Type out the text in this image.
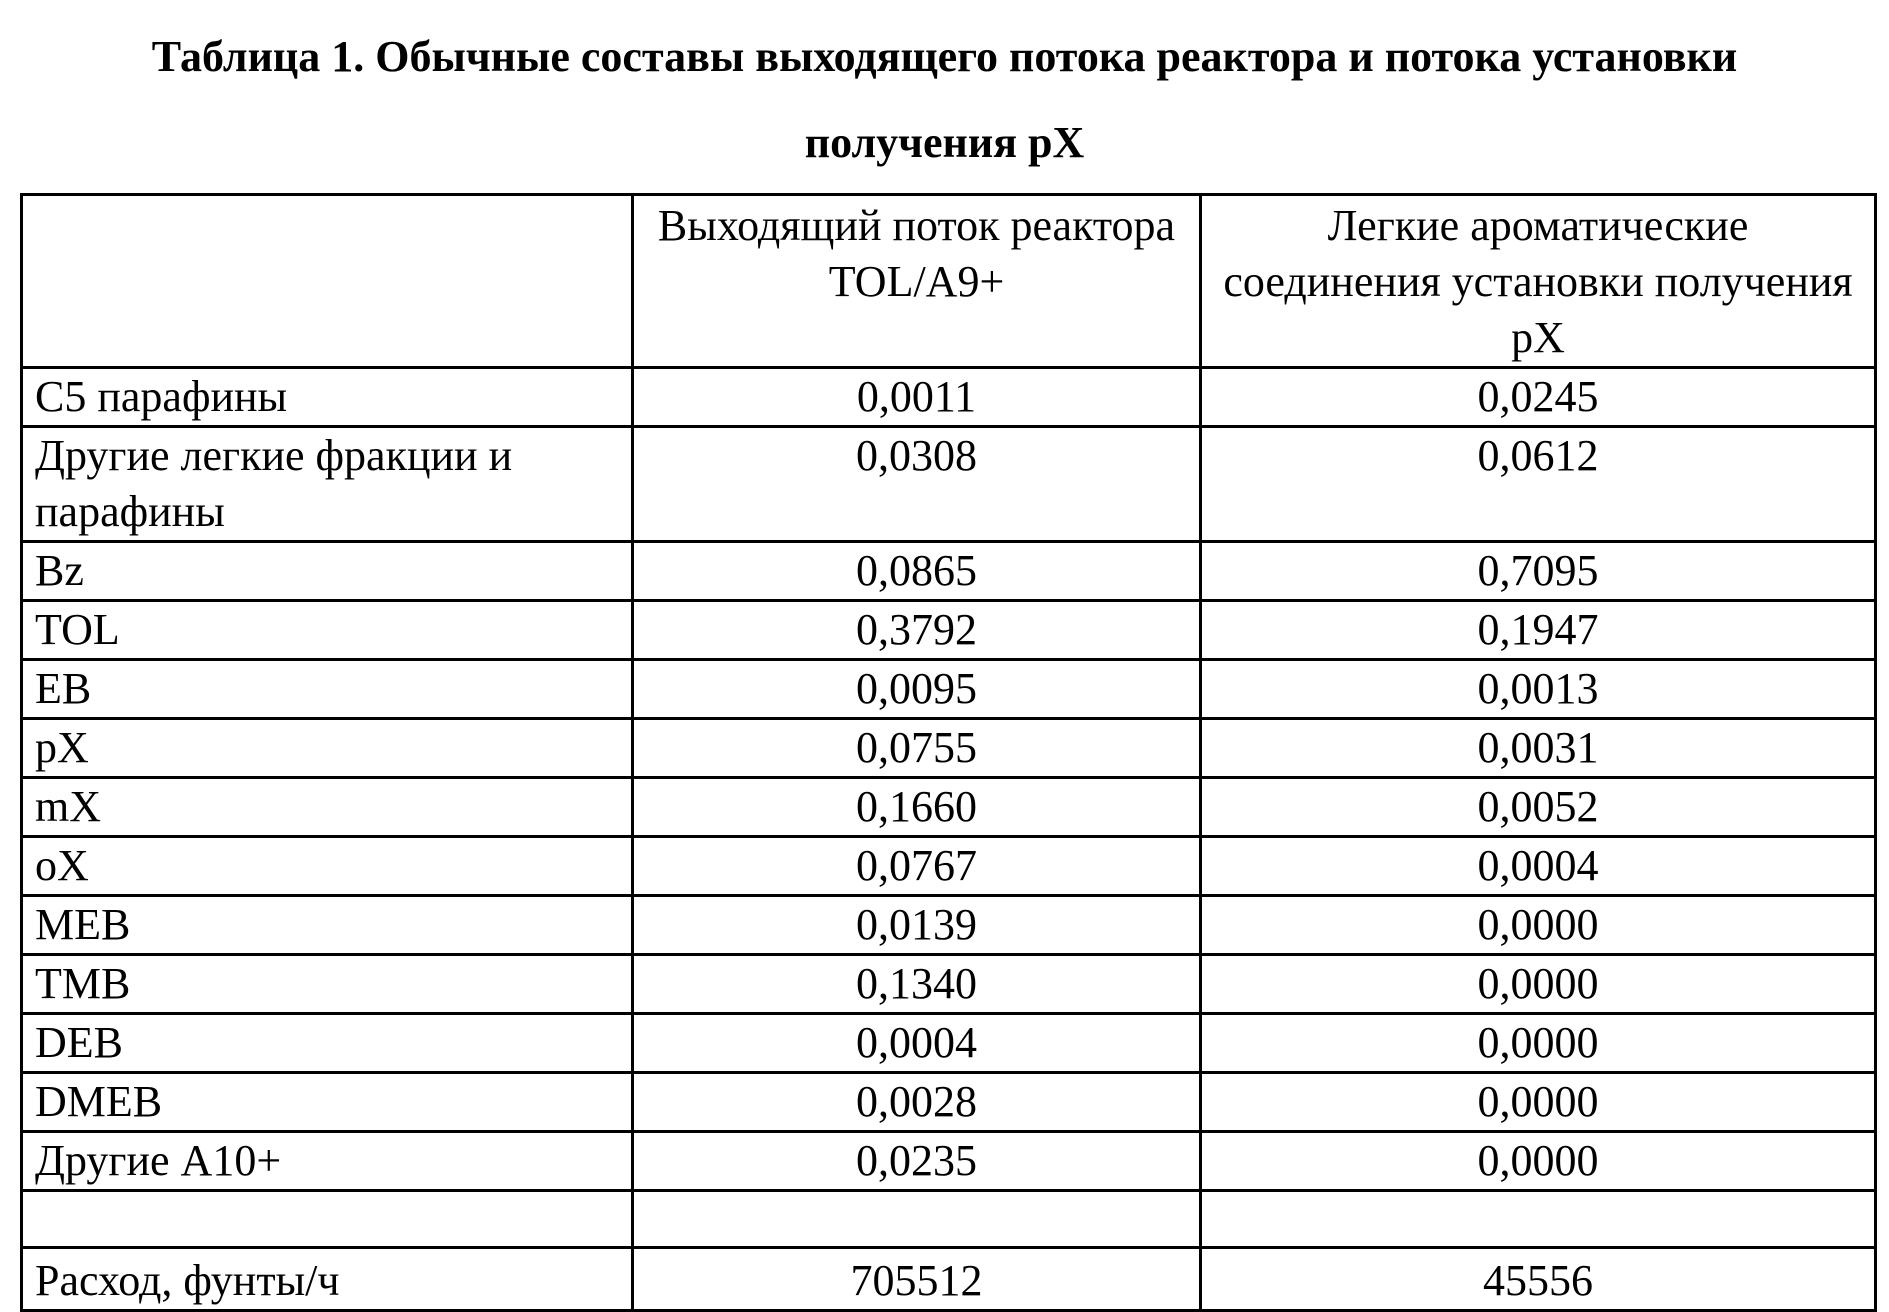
Таблица 1. Обычные составы выходящего потока реактора и потока установки
получения pX
	Выходящий поток реактора TOL/A9+	Легкие ароматические соединения установки получения pX
С5 парафины	0,0011	0,0245
Другие легкие фракции и парафины	0,0308	0,0612
Bz	0,0865	0,7095
TOL	0,3792	0,1947
EB	0,0095	0,0013
pX	0,0755	0,0031
mX	0,1660	0,0052
oX	0,0767	0,0004
MEB	0,0139	0,0000
TMB	0,1340	0,0000
DEB	0,0004	0,0000
DMEB	0,0028	0,0000
Другие А10+	0,0235	0,0000

Расход, фунты/ч	705512	45556
